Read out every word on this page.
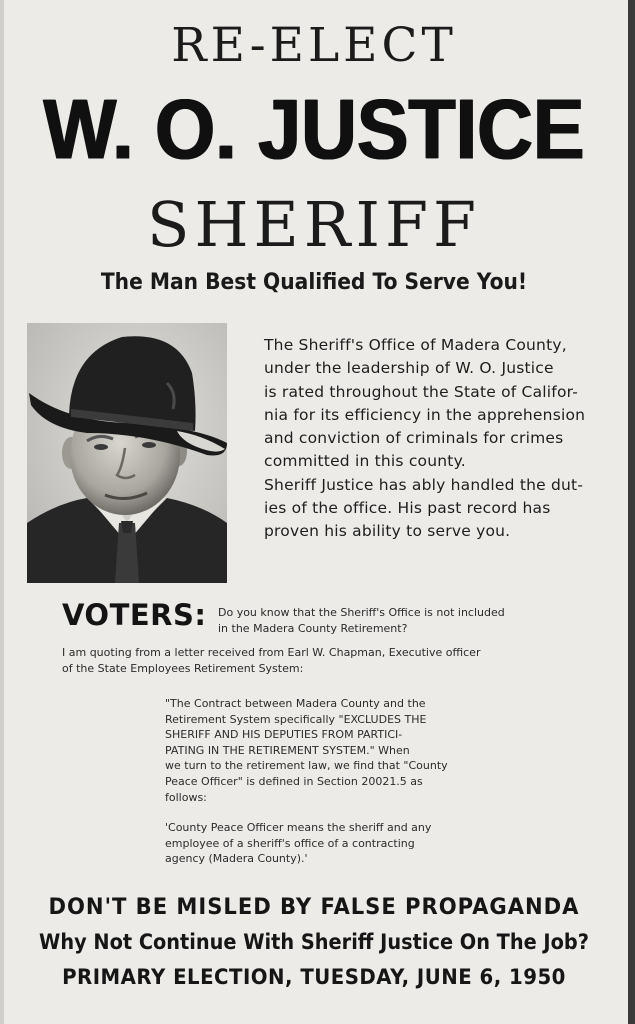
RE-ELECT
W. O. JUSTICE
SHERIFF
The Man Best Qualified To Serve You!

The Sheriff's Office of Madera County,
under the leadership of W. O. Justice
is rated throughout the State of Califor-
nia for its efficiency in the apprehension
and conviction of criminals for crimes
committed in this county.

Sheriff Justice has ably handled the dut-
ies of the office. His past record has
proven his ability to serve you.

VOTERS: Do you know that the Sheriff's Office is not included
in the Madera County Retirement?
I am quoting from a letter received from Earl W. Chapman, Executive officer
of the State Employees Retirement System:

"The Contract between Madera County and the
Retirement System specifically "EXCLUDES THE
SHERIFF AND HIS DEPUTIES FROM PARTICI-
PATING IN THE RETIREMENT SYSTEM." When
we turn to the retirement law, we find that "County
Peace Officer" is defined in Section 20021.5 as
follows:

'County Peace Officer means the sheriff and any
employee of a sheriff's office of a contracting
agency (Madera County).'

DON'T BE MISLED BY FALSE PROPAGANDA
Why Not Continue With Sheriff Justice On The Job?
PRIMARY ELECTION, TUESDAY, JUNE 6, 1950
